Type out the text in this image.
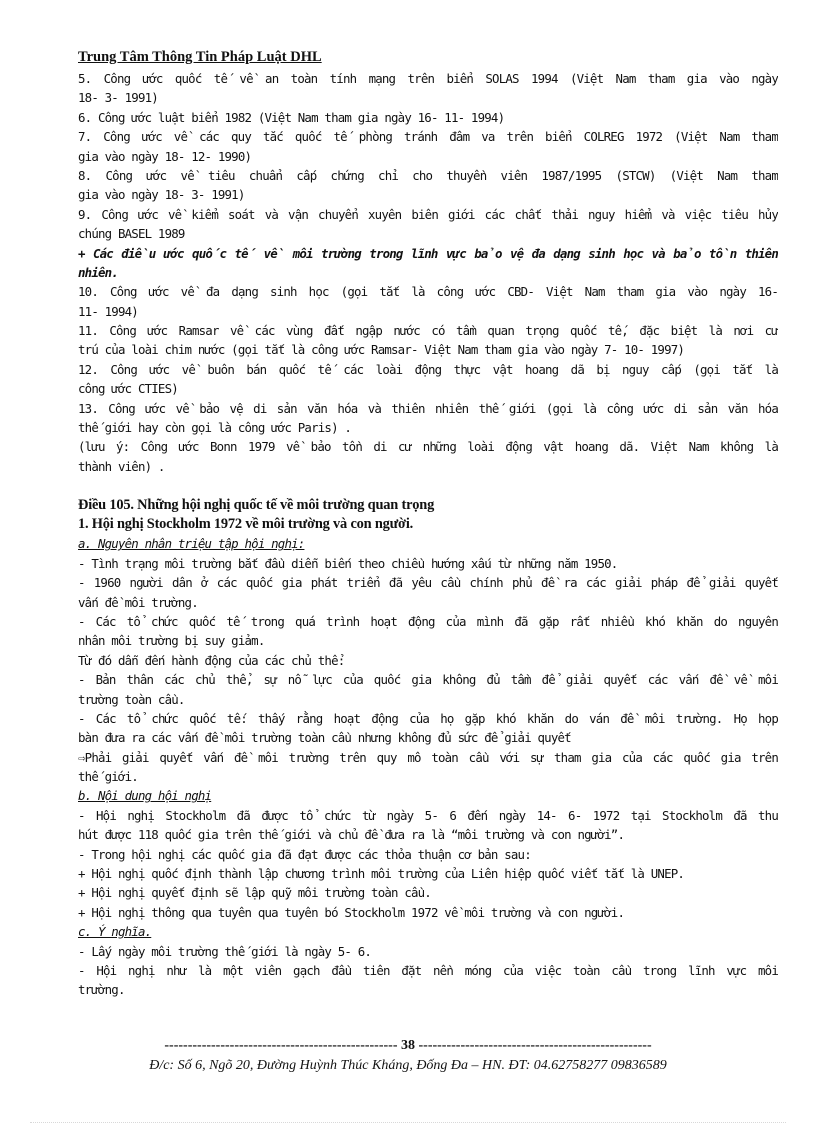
Trung Tâm Thông Tin Pháp Luật DHL
5. Công ước quốc tế về an toàn tính mạng trên biển SOLAS 1994 (Việt Nam tham gia vào ngày
18- 3- 1991)
6. Công ước luật biển 1982 (Việt Nam tham gia ngày 16- 11- 1994)
7. Công ước về các quy tắc quốc tế phòng tránh đâm va trên biển COLREG 1972 (Việt Nam tham
gia vào ngày 18- 12- 1990)
8. Công ước về tiêu chuẩn cấp chứng chỉ cho thuyền viên 1987/1995 (STCW) (Việt Nam tham
gia vào ngày 18- 3- 1991)
9. Công ước về kiểm soát và vận chuyển xuyên biên giới các chất thải nguy hiểm và việc tiêu hủy
chúng BASEL 1989
+ Các điều ước quốc tế về môi trường trong lĩnh vực bảo vệ đa dạng sinh học và bảo tồn thiên
nhiên.
10. Công ước về đa dạng sinh học (gọi tắt là công ước CBD- Việt Nam tham gia vào ngày 16-
11- 1994)
11. Công ước Ramsar về các vùng đất ngập nước có tầm quan trọng quốc tế, đặc biệt là nơi cư
trú của loài chim nước (gọi tắt là công ước Ramsar- Việt Nam tham gia vào ngày 7- 10- 1997)
12. Công ước về buôn bán quốc tế các loài động thực vật hoang dã bị nguy cấp (gọi tắt là
công ước CTIES)
13. Công ước về bảo vệ di sản văn hóa và thiên nhiên thế giới (gọi là công ước di sản văn hóa
thế giới hay còn gọi là công ước Paris) .
(lưu ý: Công ước Bonn 1979 về bảo tồn di cư những loài động vật hoang dã. Việt Nam không là
thành viên) .
Điều 105. Những hội nghị quốc tế về môi trường quan trọng
1. Hội nghị Stockholm 1972 về môi trường và con người.
a. Nguyên nhân triệu tập hội nghị:
- Tình trạng môi trường bắt đầu diễn biến theo chiều hướng xấu từ những năm 1950.
- 1960 người dân ở các quốc gia phát triển đã yêu cầu chính phủ đề ra các giải pháp để giải quyết
vấn đề môi trường.
- Các tổ chức quốc tế trong quá trình hoạt động của mình đã gặp rất nhiều khó khăn do nguyên
nhân môi trường bị suy giảm.
Từ đó dẫn đến hành động của các chủ thể:
- Bản thân các chủ thể, sự nỗ lực của quốc gia không đủ tầm để giải quyết các vấn đề về môi
trường toàn cầu.
- Các tổ chức quốc tế: thấy rằng hoạt động của họ gặp khó khăn do ván đề môi trường. Họ họp
bàn đưa ra các vấn đề môi trường toàn cầu nhưng không đủ sức để giải quyết
⇨Phải giải quyết vấn đề môi trường trên quy mô toàn cầu với sự tham gia của các quốc gia trên
thế giới.
b. Nội dung hội nghị
- Hội nghị Stockholm đã được tổ chức từ ngày 5- 6 đến ngày 14- 6- 1972 tại Stockholm đã thu
hút được 118 quốc gia trên thế giới và chủ đề đưa ra là “môi trường và con người”.
- Trong hội nghị các quốc gia đã đạt được các thỏa thuận cơ bản sau:
+ Hội nghị quốc định thành lập chương trình môi trường của Liên hiệp quốc viết tắt là UNEP.
+ Hội nghị quyết định sẽ lập quỹ môi trường toàn cầu.
+ Hội nghị thông qua tuyên qua tuyên bó Stockholm 1972 về môi trường và con người.
c. Ý nghĩa.
- Lấy ngày môi trường thế giới là ngày 5- 6.
- Hội nghị như là một viên gạch đầu tiên đặt nền móng của việc toàn cầu trong lĩnh vực môi
trường.
-------------------------------------------------- 38 --------------------------------------------------
Đ/c: Số 6, Ngõ 20, Đường Huỳnh Thúc Kháng, Đống Đa – HN. ĐT: 04.62758277 09836589
